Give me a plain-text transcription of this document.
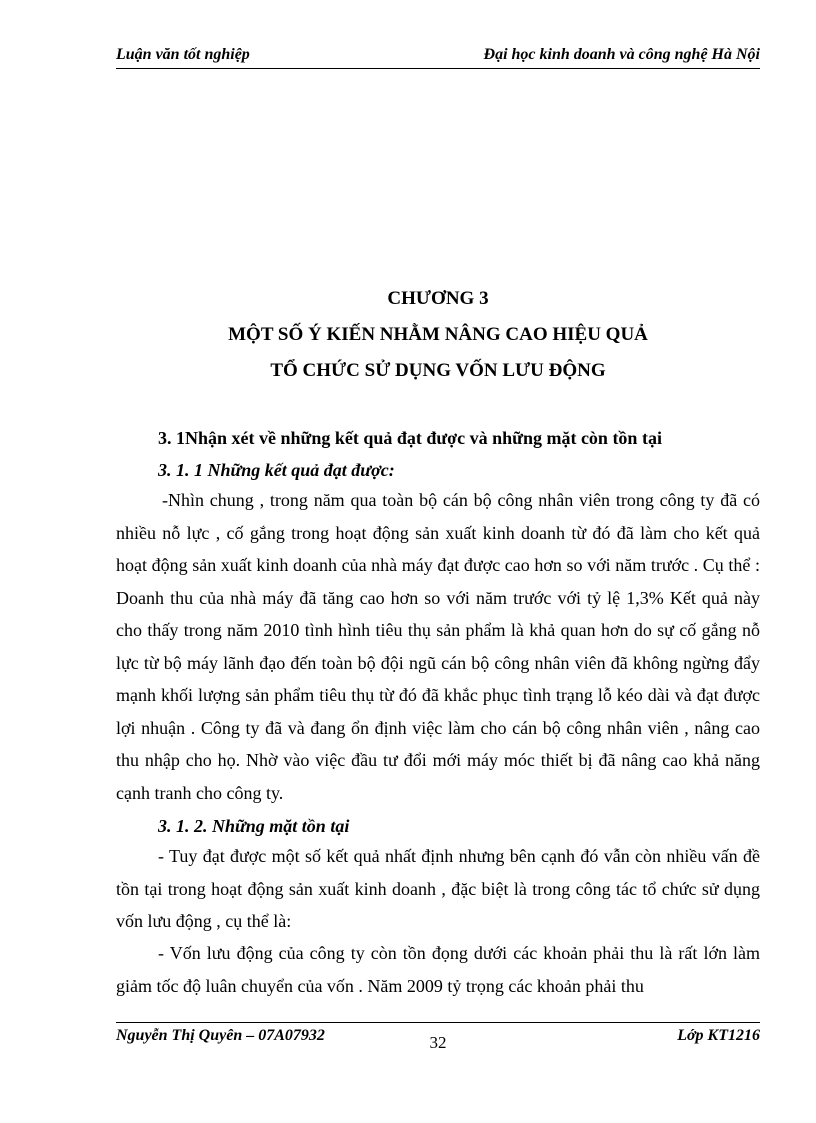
Luận văn tốt nghiệp	Đại học kinh doanh và công nghệ Hà Nội
CHƯƠNG 3
MỘT SỐ Ý KIẾN NHẰM NÂNG CAO HIỆU QUẢ
TỔ CHỨC SỬ DỤNG VỐN LƯU ĐỘNG
3. 1Nhận xét về những kết quả đạt được và những mặt còn tồn tại
3. 1. 1 Những kết quả đạt được:

-Nhìn chung , trong năm qua toàn bộ cán bộ công nhân viên trong công ty đã có nhiều nỗ lực , cố gắng trong hoạt động sản xuất kinh doanh từ đó đã làm cho kết quả hoạt động sản xuất kinh doanh của nhà máy đạt được cao hơn so với năm trước . Cụ thể : Doanh thu của nhà máy đã tăng cao hơn so với năm trước với tỷ lệ 1,3% Kết quả này cho thấy trong năm 2010 tình hình tiêu thụ sản phẩm là khả quan hơn do sự cố gắng nỗ lực từ bộ máy lãnh đạo đến toàn bộ đội ngũ cán bộ công nhân viên đã không ngừng đẩy mạnh khối lượng sản phẩm tiêu thụ từ đó đã khắc phục tình trạng lỗ kéo dài và đạt được lợi nhuận . Công ty đã và đang ổn định việc làm cho cán bộ công nhân viên , nâng cao thu nhập cho họ. Nhờ vào việc đầu tư đổi mới máy móc thiết bị đã nâng cao khả năng cạnh tranh cho công ty.

3. 1. 2. Những mặt tồn tại

- Tuy đạt được một số kết quả nhất định nhưng bên cạnh đó vẫn còn nhiều vấn đề tồn tại trong hoạt động sản xuất kinh doanh , đặc biệt là trong công tác tổ chức sử dụng vốn lưu động , cụ thể là:

- Vốn lưu động của công ty còn tồn đọng dưới các khoản phải thu là rất lớn làm giảm tốc độ luân chuyển của vốn . Năm 2009 tỷ trọng các khoản phải thu

Nguyễn Thị Quyên – 07A07932	32	Lớp KT1216
